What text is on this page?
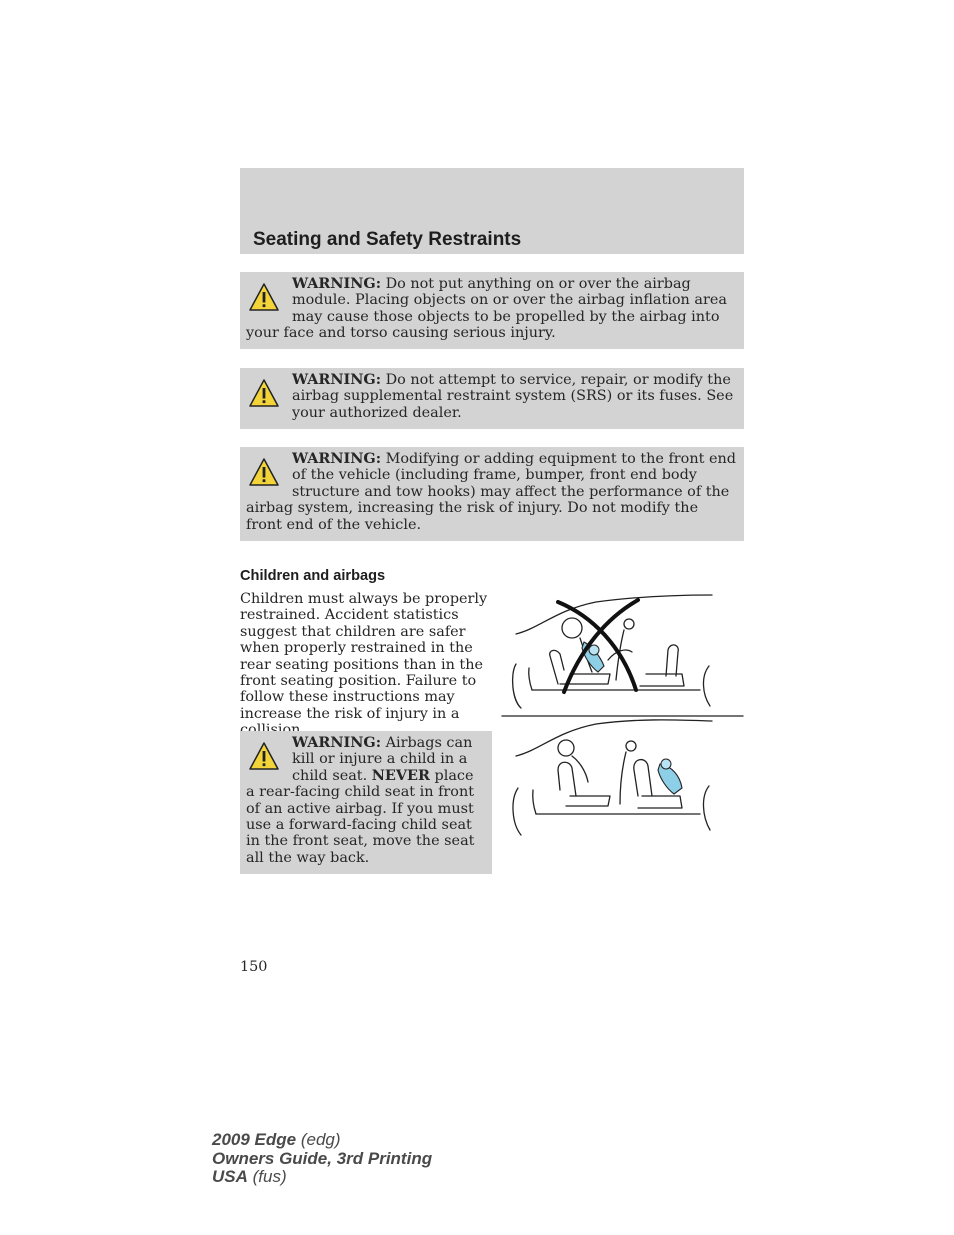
Seating and Safety Restraints
WARNING: Do not put anything on or over the airbag module. Placing objects on or over the airbag inflation area may cause those objects to be propelled by the airbag into your face and torso causing serious injury.
WARNING: Do not attempt to service, repair, or modify the airbag supplemental restraint system (SRS) or its fuses. See your authorized dealer.
WARNING: Modifying or adding equipment to the front end of the vehicle (including frame, bumper, front end body structure and tow hooks) may affect the performance of the airbag system, increasing the risk of injury. Do not modify the front end of the vehicle.
Children and airbags
Children must always be properly restrained. Accident statistics suggest that children are safer when properly restrained in the rear seating positions than in the front seating position. Failure to follow these instructions may increase the risk of injury in a
WARNING: Airbags can kill or injure a child in a child seat. NEVER place a rear-facing child seat in front of an active airbag. If you must use a forward-facing child seat in the front seat, move the seat all the way back.
150
2009 Edge (edg)
Owners Guide, 3rd Printing
USA (fus)
